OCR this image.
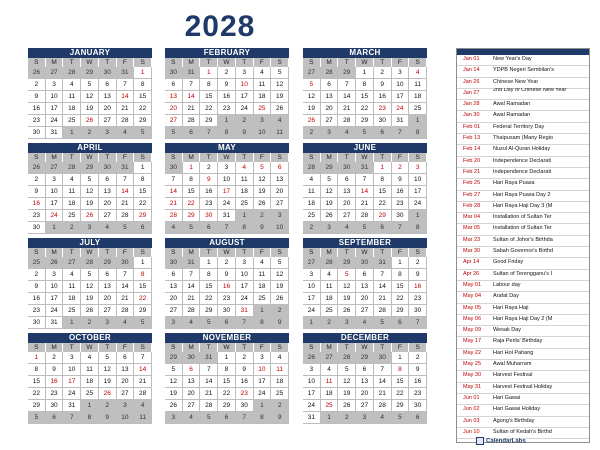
2028
JANUARY
S	M	T	W	T	F	S
26	27	28	29	30	31	1
2	3	4	5	6	7	8
9	10	11	12	13	14	15
16	17	18	19	20	21	22
23	24	25	26	27	28	29
30	31	1	2	3	4	5
FEBRUARY
S	M	T	W	T	F	S
30	31	1	2	3	4	5
6	7	8	9	10	11	12
13	14	15	16	17	18	19
20	21	22	23	24	25	26
27	28	29	1	2	3	4
5	6	7	8	9	10	11
MARCH
S	M	T	W	T	F	S
27	28	29	1	2	3	4
5	6	7	8	9	10	11
12	13	14	15	16	17	18
19	20	21	22	23	24	25
26	27	28	29	30	31	1
2	3	4	5	6	7	8
APRIL
S	M	T	W	T	F	S
26	27	28	29	30	31	1
2	3	4	5	6	7	8
9	10	11	12	13	14	15
16	17	18	19	20	21	22
23	24	25	26	27	28	29
30	1	2	3	4	5	6
MAY
S	M	T	W	T	F	S
30	1	2	3	4	5	6
7	8	9	10	11	12	13
14	15	16	17	18	19	20
21	22	23	24	25	26	27
28	29	30	31	1	2	3
4	5	6	7	8	9	10
JUNE
S	M	T	W	T	F	S
28	29	30	31	1	2	3
4	5	6	7	8	9	10
11	12	13	14	15	16	17
18	19	20	21	22	23	24
25	26	27	28	29	30	1
2	3	4	5	6	7	8
JULY
S	M	T	W	T	F	S
25	26	27	28	29	30	1
2	3	4	5	6	7	8
9	10	11	12	13	14	15
16	17	18	19	20	21	22
23	24	25	26	27	28	29
30	31	1	2	3	4	5
AUGUST
S	M	T	W	T	F	S
30	31	1	2	3	4	5
6	7	8	9	10	11	12
13	14	15	16	17	18	19
20	21	22	23	24	25	26
27	28	29	30	31	1	2
3	4	5	6	7	8	9
SEPTEMBER
S	M	T	W	T	F	S
27	28	29	30	31	1	2
3	4	5	6	7	8	9
10	11	12	13	14	15	16
17	18	19	20	21	22	23
24	25	26	27	28	29	30
1	2	3	4	5	6	7
OCTOBER
S	M	T	W	T	F	S
1	2	3	4	5	6	7
8	9	10	11	12	13	14
15	16	17	18	19	20	21
22	23	24	25	26	27	28
29	30	31	1	2	3	4
5	6	7	8	9	10	11
NOVEMBER
S	M	T	W	T	F	S
29	30	31	1	2	3	4
5	6	7	8	9	10	11
12	13	14	15	16	17	18
19	20	21	22	23	24	25
26	27	28	29	30	1	2
3	4	5	6	7	8	9
DECEMBER
S	M	T	W	T	F	S
26	27	28	29	30	1	2
3	4	5	6	7	8	9
10	11	12	13	14	15	16
17	18	19	20	21	22	23
24	25	26	27	28	29	30
31	1	2	3	4	5	6
Jan 01	New Year's Day
Jan 14	YDPB Negeri Sembilan's
Jan 26	Chinese New Year
Jan 27	2nd Day of Chinese New Year
Jan 28	Awal Ramadan
Jan 30	Awal Ramadan
Feb 01	Federal Territory Day
Feb 13	Thaipusam (Many Regio
Feb 14	Nuzul Al-Quran Holiday
Feb 20	Independence Declarati
Feb 21	Independence Declarati
Feb 25	Hari Raya Puasa
Feb 27	Hari Raya Puasa Day 2
Feb 28	Hari Raya Haji Day 3 (M
Mar 04	Installation of Sultan Ter
Mar 05	Installation of Sultan Ter
Mar 23	Sultan of Johor's Birthda
Mar 30	Sabah Governor's Birthd
Apr 14	Good Friday
Apr 26	Sultan of Terengganu's I
May 01	Labour day
May 04	Arafat Day
May 05	Hari Raya Haji
May 06	Hari Raya Haji Day 2 (M
May 09	Wesak Day
May 17	Raja Perlis' Birthday
May 22	Hari Hol Pahang
May 25	Awal Muharram
May 30	Harvest Festival
May 31	Harvest Festival Holiday
Jun 01	Hari Gawai
Jun 02	Hari Gawai Holiday
Jun 03	Agong's Birthday
Jun 10	Sultan of Kedah's Birthd
CalendarLabs
